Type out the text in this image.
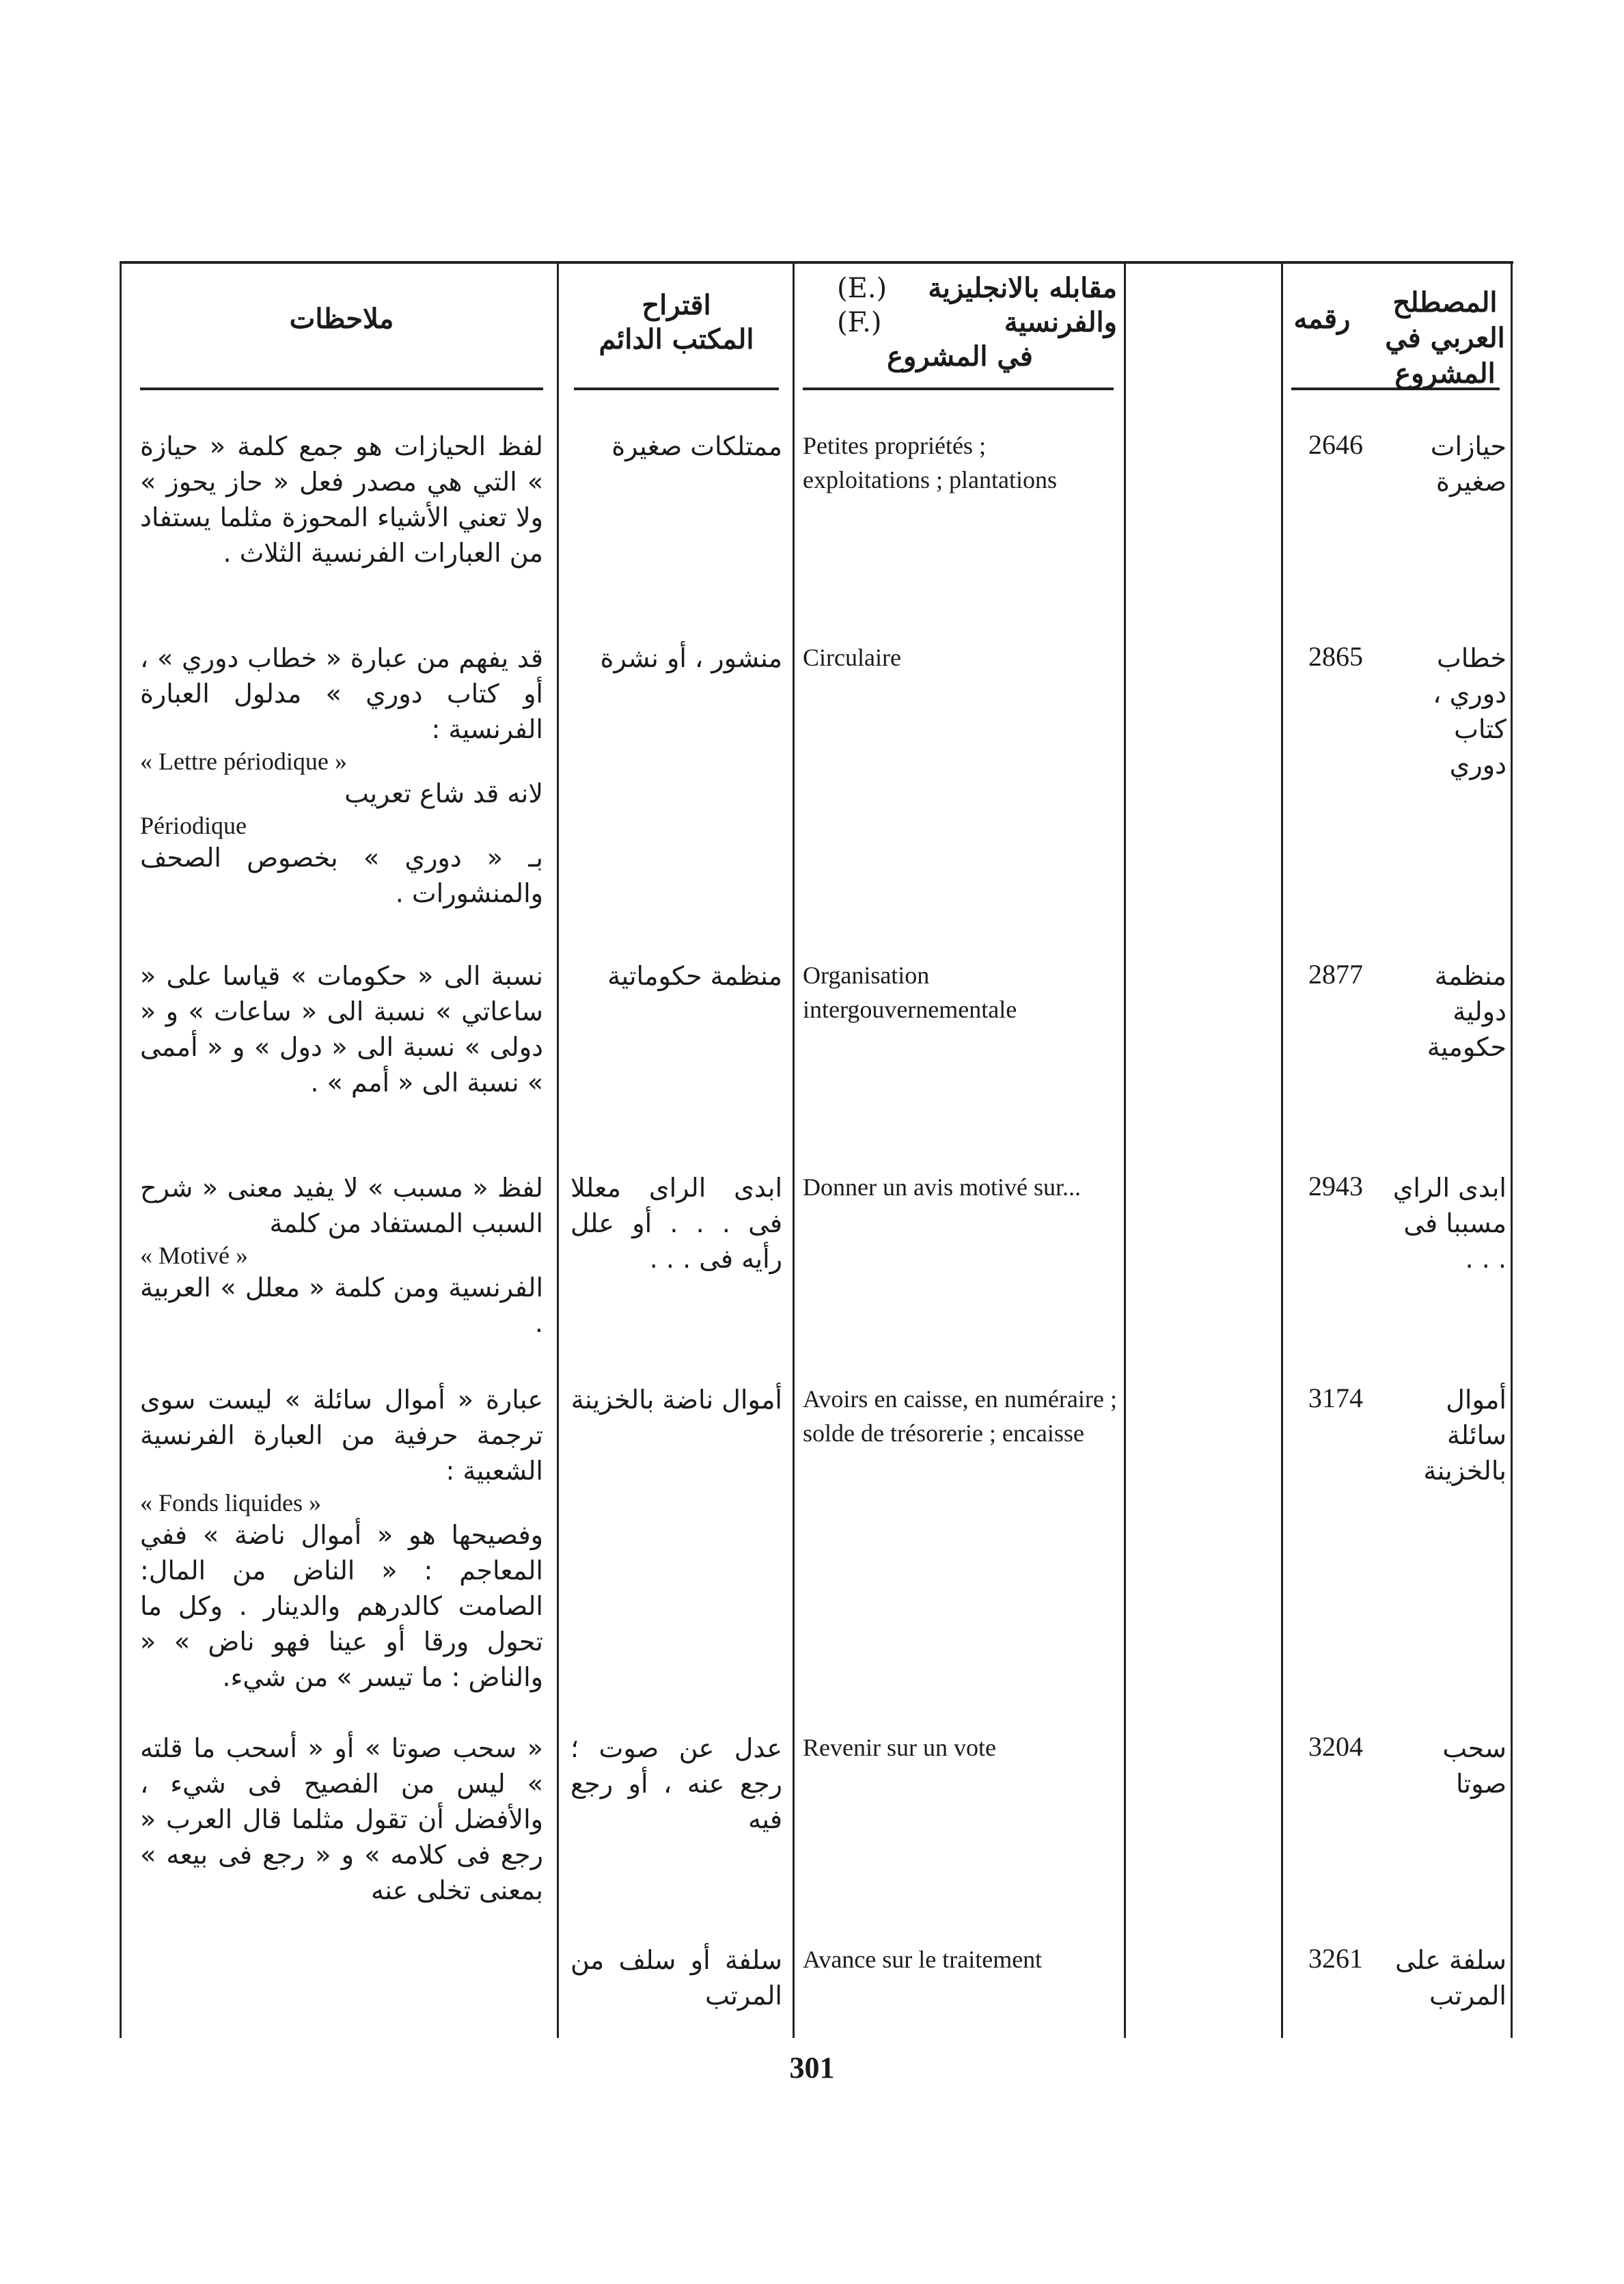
ملاحظات	اقتراح
المكتب الدائم
(E.) مقابله بالانجليزية
(F.)	والفرنسية
في المشروع
رقمه
المصطلح العربي في المشروع
حيازات صغيرة
2646
Petites propriétés ; exploitations ; plantations
ممتلكات صغيرة
لفظ الحيازات هو جمع كلمة « حيازة » التي هي مصدر فعل « حاز يحوز » ولا تعني الأشياء المحوزة مثلما يستفاد من العبارات الفرنسية الثلاث .
خطاب دوري ، كتاب دوري
2865
Circulaire
منشور ، أو نشرة
قد يفهم من عبارة « خطاب دوري » ، أو كتاب دوري » مدلول العبارة الفرنسية :
« Lettre périodique »
لانه قد شاع تعريب
Périodique
بـ « دوري » بخصوص الصحف والمنشورات .
منظمة دولية حكومية
2877
Organisation intergouvernementale
منظمة حكوماتية
نسبة الى « حكومات » قياسا على « ساعاتي » نسبة الى « ساعات » و « دولى » نسبة الى « دول » و « أممى » نسبة الى « أمم » .
ابدى الراي مسببا فى . . .
2943
Donner un avis motivé sur...
ابدى الراى معللا فى . . . أو علل رأيه فى . . .
لفظ « مسبب » لا يفيد معنى « شرح السبب المستفاد من كلمة
« Motivé »
الفرنسية ومن كلمة « معلل » العربية .
أموال سائلة بالخزينة
3174
Avoirs en caisse, en numéraire ; solde de trésorerie ; encaisse
أموال ناضة بالخزينة
عبارة « أموال سائلة » ليست سوى ترجمة حرفية من العبارة الفرنسية الشعبية :
« Fonds liquides »
وفصيحها هو « أموال ناضة » ففي المعاجم : « الناض من المال: الصامت كالدرهم والدينار . وكل ما تحول ورقا أو عينا فهو ناض » « والناض : ما تيسر » من شيء.
سحب صوتا
3204
Revenir sur un vote
عدل عن صوت ؛ رجع عنه ، أو رجع فيه
« سحب صوتا » أو « أسحب ما قلته » ليس من الفصيح فى شيء ، والأفضل أن تقول مثلما قال العرب « رجع فى كلامه » و « رجع فى بيعه » بمعنى تخلى عنه
سلفة على المرتب
3261
Avance sur le traitement
سلفة أو سلف من المرتب
301
